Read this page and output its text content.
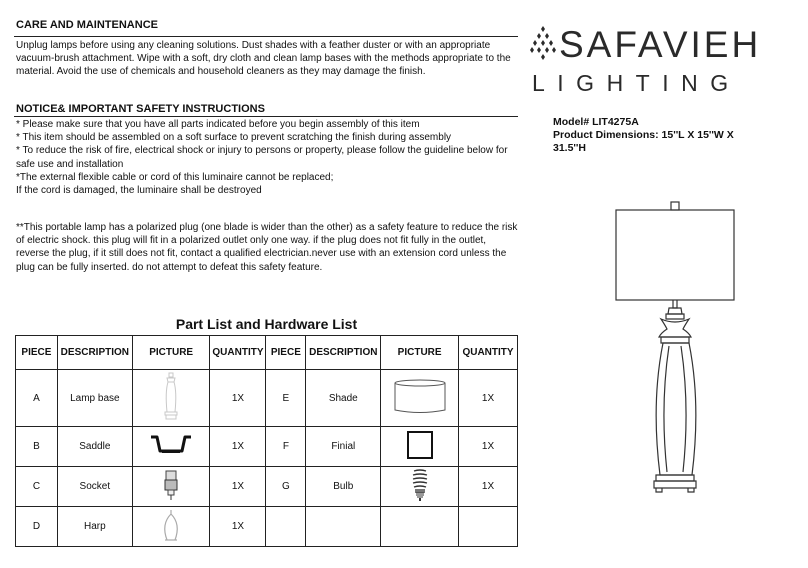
CARE AND MAINTENANCE
Unplug lamps before using any cleaning solutions. Dust shades with a feather duster or with an appropriate vacuum-brush attachment. Wipe with a soft, dry cloth and clean lamp bases with the methods appropriate to the material. Avoid the use of chemicals and household cleaners as they may damage the finish.
NOTICE& IMPORTANT SAFETY INSTRUCTIONS
* Please make sure that you have all parts indicated before you begin assembly of this item
* This item should be assembled on a soft surface to prevent scratching the finish during assembly
* To reduce the risk of fire, electrical shock or injury to persons or property, please follow the guideline below for safe use and installation
*The external flexible cable or cord of this luminaire cannot be replaced;
If the cord is damaged, the luminaire shall be destroyed
**This portable lamp has a polarized plug (one blade is wider than the other) as a safety feature to reduce the risk of electric shock. this plug will fit in a polarized outlet only one way. if the plug does not fit fully in the outlet, reverse the plug, if it still does not fit, contact a qualified electrician.never use with an extension cord unless the plug can be fully inserted. do not attempt to defeat this safety feature.
Part List and Hardware List
PIECE	DESCRIPTION	PICTURE	QUANTITY	PIECE	DESCRIPTION	PICTURE	QUANTITY
A	Lamp base		1X	E	Shade		1X
B	Saddle		1X	F	Finial		1X
C	Socket		1X	G	Bulb		1X
D	Harp		1X				
SAFAVIEH
LIGHTING
Model# LIT4275A
Product Dimensions: 15''L X 15''W X 31.5''H
